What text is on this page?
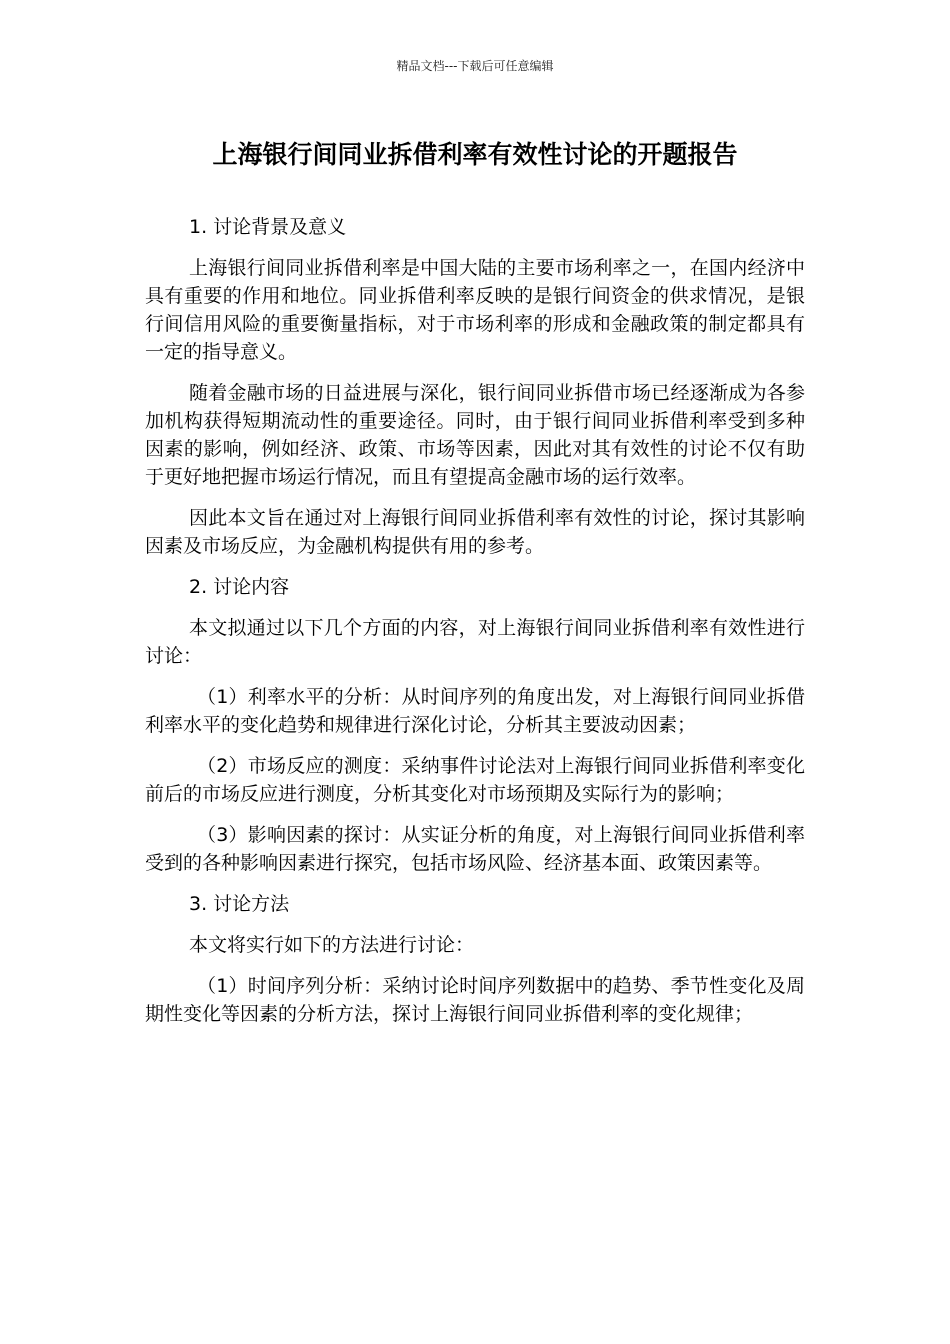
精品文档---下载后可任意编辑
上海银行间同业拆借利率有效性讨论的开题报告

1. 讨论背景及意义

上海银行间同业拆借利率是中国大陆的主要市场利率之一，在国内经济中具有重要的作用和地位。同业拆借利率反映的是银行间资金的供求情况，是银行间信用风险的重要衡量指标，对于市场利率的形成和金融政策的制定都具有一定的指导意义。

随着金融市场的日益进展与深化，银行间同业拆借市场已经逐渐成为各参加机构获得短期流动性的重要途径。同时，由于银行间同业拆借利率受到多种因素的影响，例如经济、政策、市场等因素，因此对其有效性的讨论不仅有助于更好地把握市场运行情况，而且有望提高金融市场的运行效率。

因此本文旨在通过对上海银行间同业拆借利率有效性的讨论，探讨其影响因素及市场反应，为金融机构提供有用的参考。

2. 讨论内容

本文拟通过以下几个方面的内容，对上海银行间同业拆借利率有效性进行讨论：

（1）利率水平的分析：从时间序列的角度出发，对上海银行间同业拆借利率水平的变化趋势和规律进行深化讨论，分析其主要波动因素；

（2）市场反应的测度：采纳事件讨论法对上海银行间同业拆借利率变化前后的市场反应进行测度，分析其变化对市场预期及实际行为的影响；

（3）影响因素的探讨：从实证分析的角度，对上海银行间同业拆借利率受到的各种影响因素进行探究，包括市场风险、经济基本面、政策因素等。

3. 讨论方法

本文将实行如下的方法进行讨论：

（1）时间序列分析：采纳讨论时间序列数据中的趋势、季节性变化及周期性变化等因素的分析方法，探讨上海银行间同业拆借利率的变化规律；
